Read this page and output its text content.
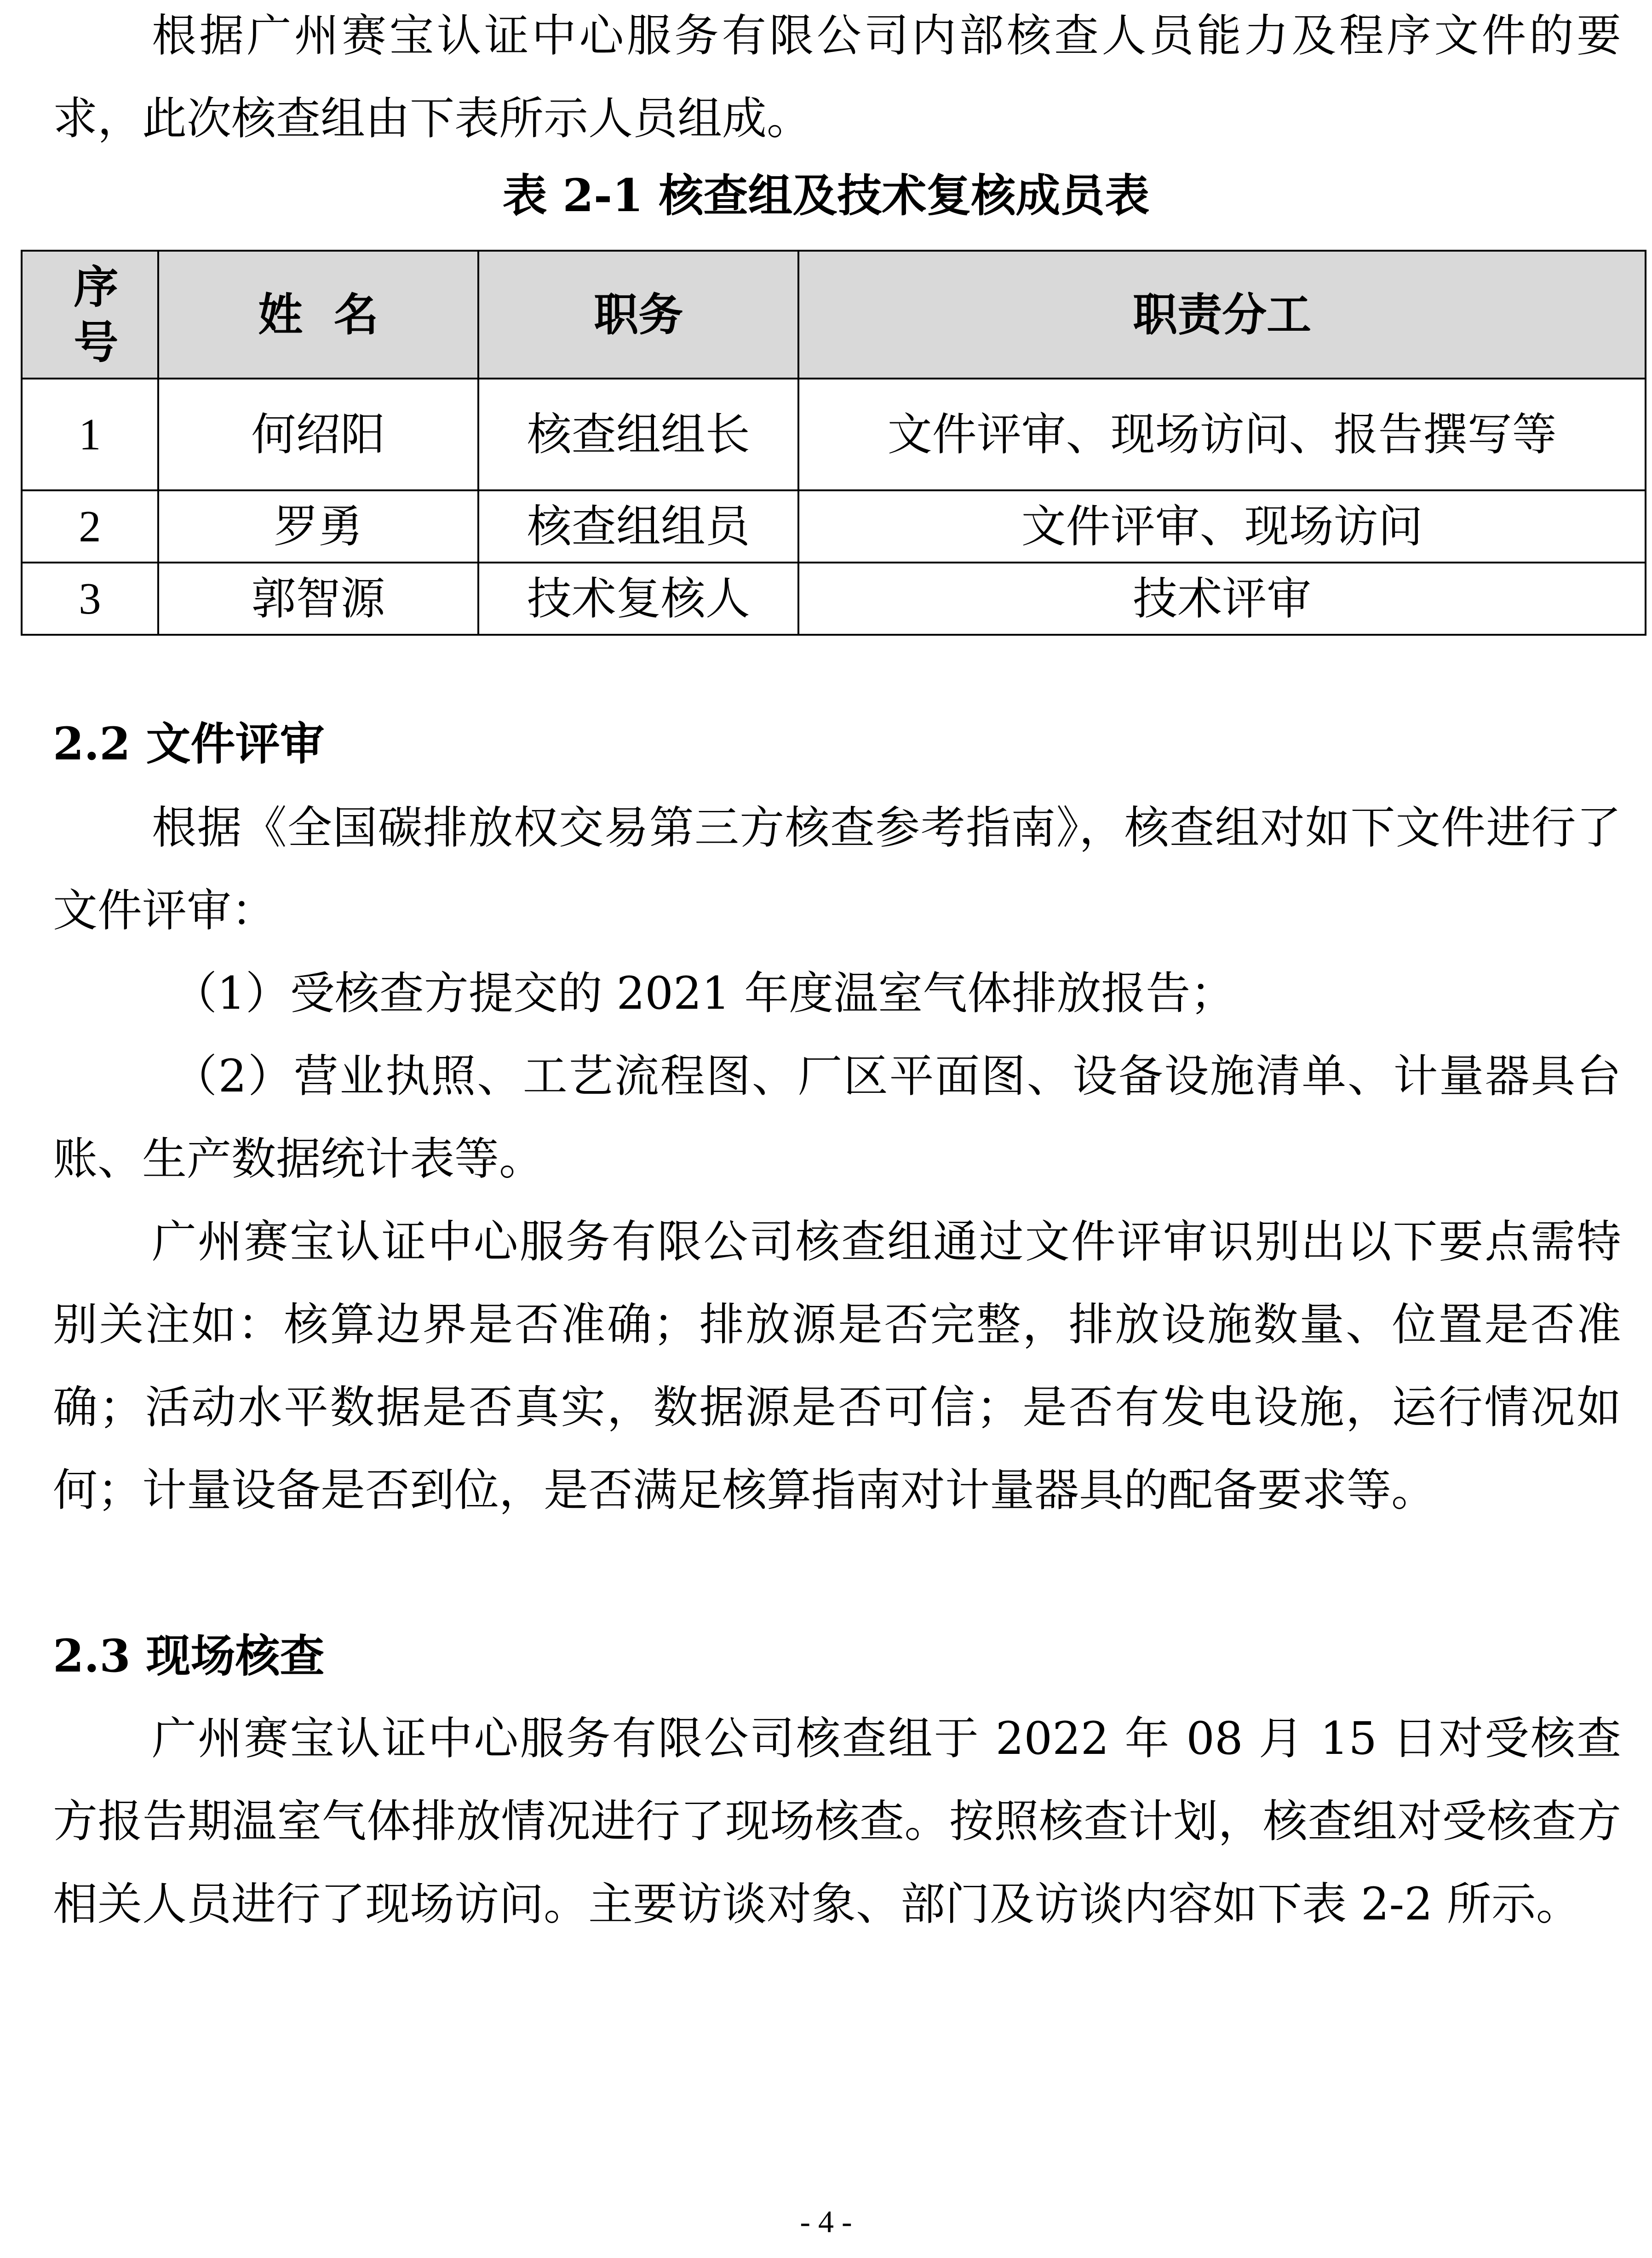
根据广州赛宝认证中心服务有限公司内部核查人员能力及程序文件的要求，此次核查组由下表所示人员组成。

表 2-1 核查组及技术复核成员表

序号	姓  名	职务	职责分工
1	何绍阳	核查组组长	文件评审、现场访问、报告撰写等
2	罗勇	核查组组员	文件评审、现场访问
3	郭智源	技术复核人	技术评审

2.2 文件评审

根据《全国碳排放权交易第三方核查参考指南》，核查组对如下文件进行了文件评审：

（1）受核查方提交的 2021 年度温室气体排放报告；

（2）营业执照、工艺流程图、厂区平面图、设备设施清单、计量器具台账、生产数据统计表等。

广州赛宝认证中心服务有限公司核查组通过文件评审识别出以下要点需特别关注如：核算边界是否准确；排放源是否完整，排放设施数量、位置是否准确；活动水平数据是否真实，数据源是否可信；是否有发电设施，运行情况如何；计量设备是否到位，是否满足核算指南对计量器具的配备要求等。

2.3 现场核查

广州赛宝认证中心服务有限公司核查组于 2022 年 08 月 15 日对受核查方报告期温室气体排放情况进行了现场核查。按照核查计划，核查组对受核查方相关人员进行了现场访问。主要访谈对象、部门及访谈内容如下表 2-2 所示。

- 4 -
